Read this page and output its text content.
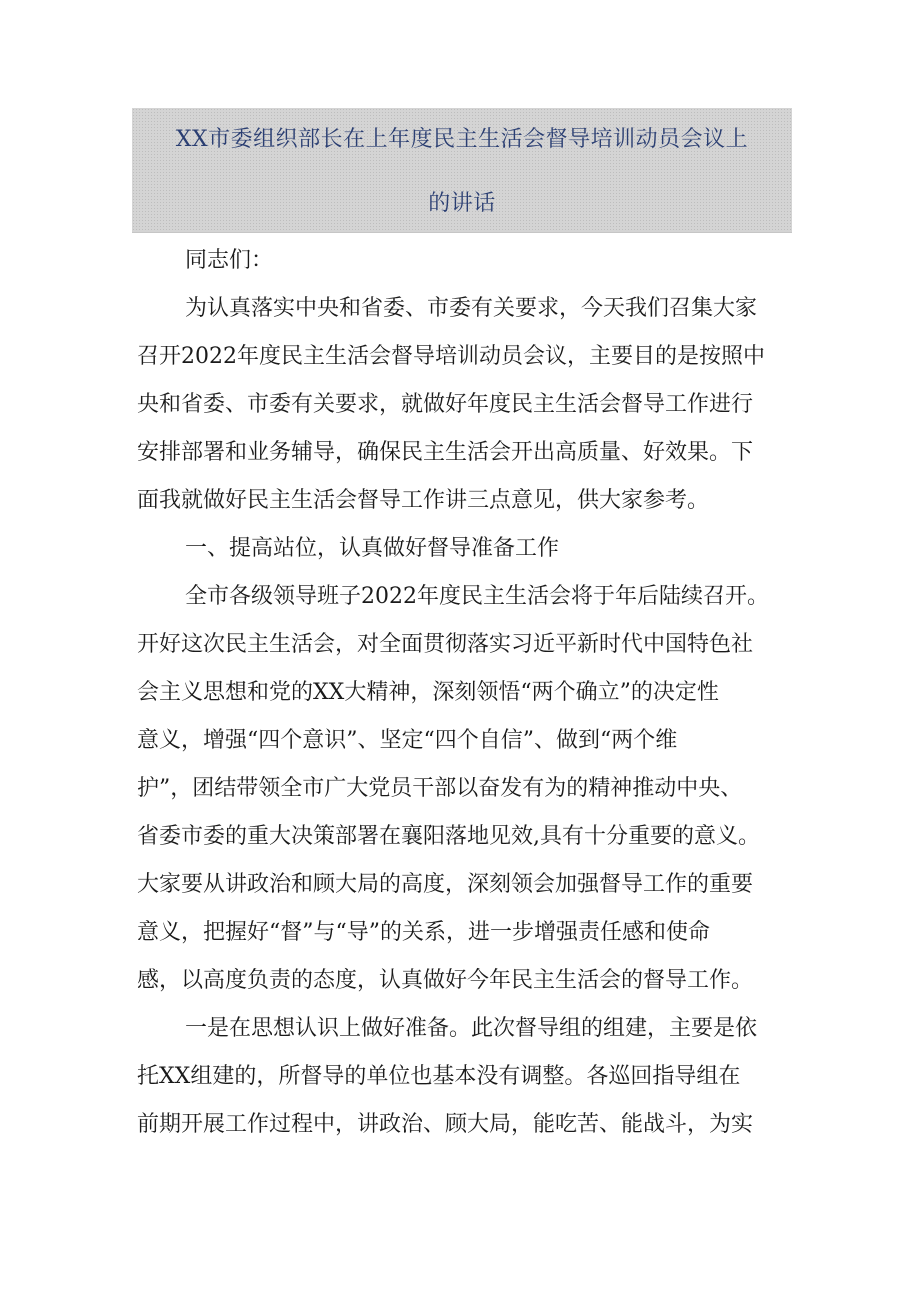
XX市委组织部长在上年度民主生活会督导培训动员会议上
的讲话
同志们：
为认真落实中央和省委、市委有关要求，今天我们召集大家
召开2022年度民主生活会督导培训动员会议，主要目的是按照中
央和省委、市委有关要求，就做好年度民主生活会督导工作进行
安排部署和业务辅导，确保民主生活会开出高质量、好效果。下
面我就做好民主生活会督导工作讲三点意见，供大家参考。
一、提高站位，认真做好督导准备工作
全市各级领导班子2022年度民主生活会将于年后陆续召开。
开好这次民主生活会，对全面贯彻落实习近平新时代中国特色社
会主义思想和党的XX大精神，深刻领悟“两个确立”的决定性
意义，增强“四个意识”、坚定“四个自信”、做到“两个维
护”，团结带领全市广大党员干部以奋发有为的精神推动中央、
省委市委的重大决策部署在襄阳落地见效,具有十分重要的意义。
大家要从讲政治和顾大局的高度，深刻领会加强督导工作的重要
意义，把握好“督”与“导”的关系，进一步增强责任感和使命
感，以高度负责的态度，认真做好今年民主生活会的督导工作。
一是在思想认识上做好准备。此次督导组的组建，主要是依
托XX组建的，所督导的单位也基本没有调整。各巡回指导组在
前期开展工作过程中，讲政治、顾大局，能吃苦、能战斗，为实
